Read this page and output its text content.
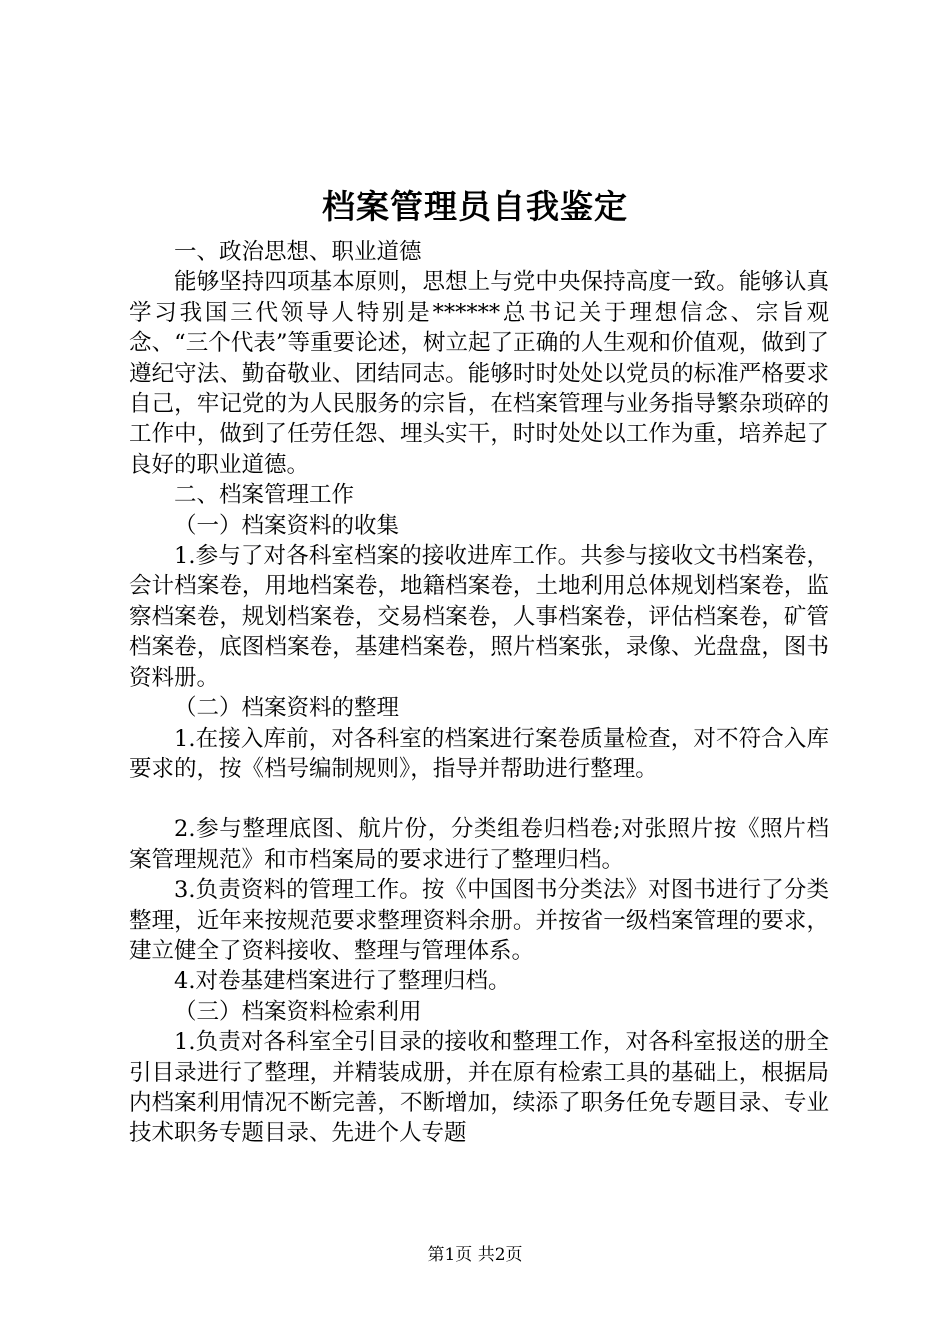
档案管理员自我鉴定

一、政治思想、职业道德

能够坚持四项基本原则，思想上与党中央保持高度一致。能够认真学习我国三代领导人特别是******总书记关于理想信念、宗旨观念、“三个代表”等重要论述，树立起了正确的人生观和价值观，做到了遵纪守法、勤奋敬业、团结同志。能够时时处处以党员的标准严格要求自己，牢记党的为人民服务的宗旨，在档案管理与业务指导繁杂琐碎的工作中，做到了任劳任怨、埋头实干，时时处处以工作为重，培养起了良好的职业道德。

二、档案管理工作

（一）档案资料的收集

1.参与了对各科室档案的接收进库工作。共参与接收文书档案卷，会计档案卷，用地档案卷，地籍档案卷，土地利用总体规划档案卷，监察档案卷，规划档案卷，交易档案卷，人事档案卷，评估档案卷，矿管档案卷，底图档案卷，基建档案卷，照片档案张，录像、光盘盘，图书资料册。

（二）档案资料的整理

1.在接入库前，对各科室的档案进行案卷质量检查，对不符合入库要求的，按《档号编制规则》，指导并帮助进行整理。

2.参与整理底图、航片份，分类组卷归档卷;对张照片按《照片档案管理规范》和市档案局的要求进行了整理归档。

3.负责资料的管理工作。按《中国图书分类法》对图书进行了分类整理，近年来按规范要求整理资料余册。并按省一级档案管理的要求，建立健全了资料接收、整理与管理体系。

4.对卷基建档案进行了整理归档。

（三）档案资料检索利用

1.负责对各科室全引目录的接收和整理工作，对各科室报送的册全引目录进行了整理，并精装成册，并在原有检索工具的基础上，根据局内档案利用情况不断完善，不断增加，续添了职务任免专题目录、专业技术职务专题目录、先进个人专题

第1页 共2页
